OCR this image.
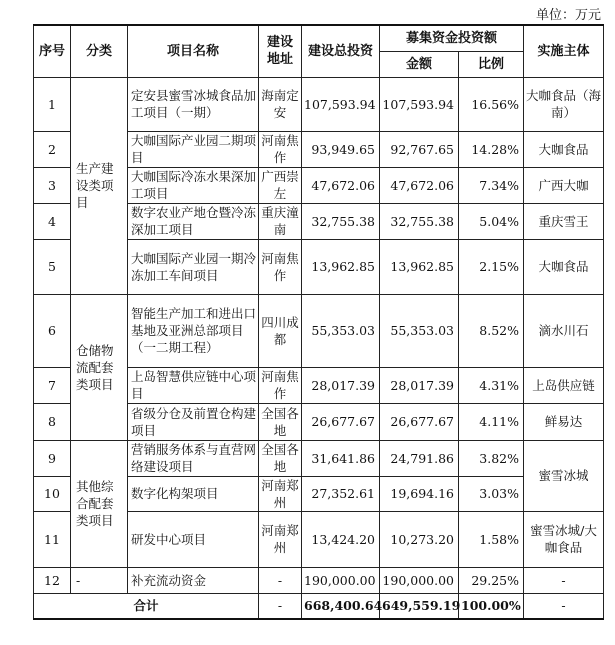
单位：万元
序号	分类	项目名称	建设地址	建设总投资	募集资金投资额		实施主体
					金额	比例	
1	生产建设类项目	定安县蜜雪冰城食品加工项目（一期）	海南定安	107,593.94	107,593.94	16.56%	大咖食品（海南）
2		大咖国际产业园二期项目	河南焦作	93,949.65	92,767.65	14.28%	大咖食品
3		大咖国际冷冻水果深加工项目	广西崇左	47,672.06	47,672.06	7.34%	广西大咖
4		数字农业产地仓暨冷冻深加工项目	重庆潼南	32,755.38	32,755.38	5.04%	重庆雪王
5		大咖国际产业园一期冷冻加工车间项目	河南焦作	13,962.85	13,962.85	2.15%	大咖食品
6	仓储物流配套类项目	智能生产加工和进出口基地及亚洲总部项目（一二期工程）	四川成都	55,353.03	55,353.03	8.52%	滴水川石
7		上岛智慧供应链中心项目	河南焦作	28,017.39	28,017.39	4.31%	上岛供应链
8		省级分仓及前置仓构建项目	全国各地	26,677.67	26,677.67	4.11%	鲜易达
9	其他综合配套类项目	营销服务体系与直营网络建设项目	全国各地	31,641.86	24,791.86	3.82%	蜜雪冰城
10		数字化构架项目	河南郑州	27,352.61	19,694.16	3.03%	
11		研发中心项目	河南郑州	13,424.20	10,273.20	1.58%	蜜雪冰城/大咖食品
12	-	补充流动资金	-	190,000.00	190,000.00	29.25%	-
合计			-	668,400.64	649,559.19	100.00%	-
